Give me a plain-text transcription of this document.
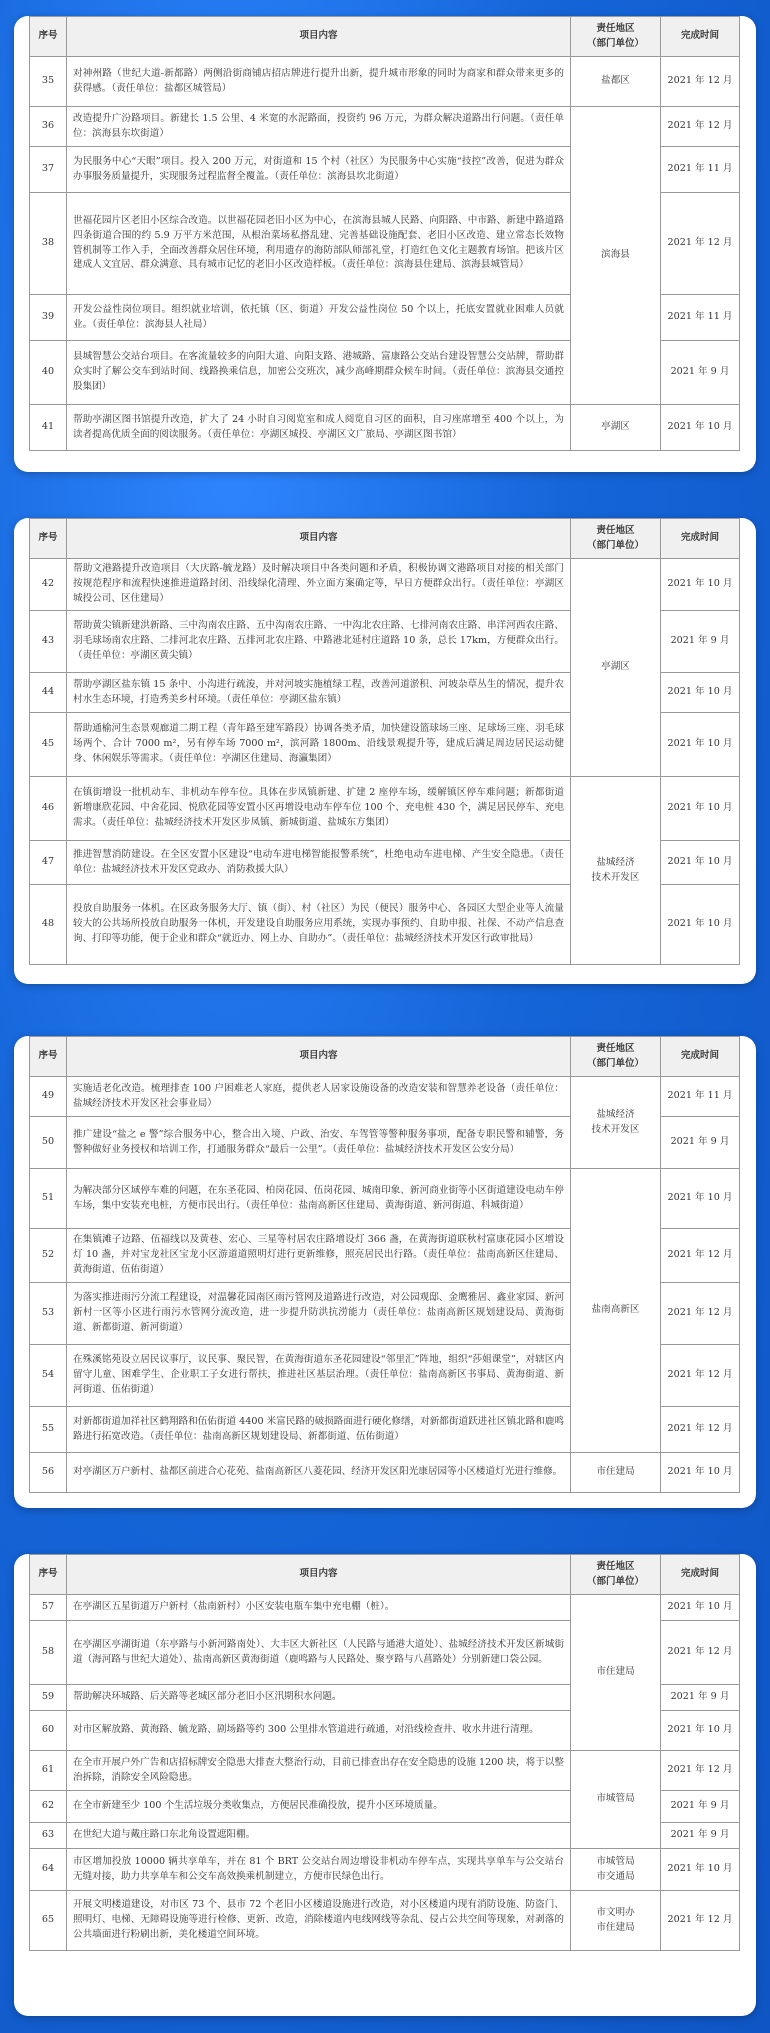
序号	项目内容	责任地区
（部门单位）	完成时间
35	对神州路（世纪大道-新都路）两侧沿街商铺店招店牌进行提升出新，提升城市形象的同时为商家和群众带来更多的获得感。（责任单位：盐都区城管局）	盐都区	2021 年 12 月
36	改造提升广汾路项目。新建长 1.5 公里、4 米宽的水泥路面，投资约 96 万元，为群众解决道路出行问题。（责任单位：滨海县东坎街道）	滨海县	2021 年 12 月
37	为民服务中心“天眼”项目。投入 200 万元，对街道和 15 个村（社区）为民服务中心实施“技控”改善，促进为群众办事服务质量提升，实现服务过程监督全覆盖。（责任单位：滨海县坎北街道）		2021 年 11 月
38	世福花园片区老旧小区综合改造。以世福花园老旧小区为中心，在滨海县城人民路、向阳路、中市路、新建中路道路四条街道合围的约 5.9 万平方米范围，从根治菜场私搭乱建、完善基础设施配套、老旧小区改造、建立常态长效物管机制等工作入手，全面改善群众居住环境，利用遗存的海防部队师部礼堂，打造红色文化主题教育场馆。把该片区建成人文宜居、群众满意、具有城市记忆的老旧小区改造样板。（责任单位：滨海县住建局、滨海县城管局）		2021 年 12 月
39	开发公益性岗位项目。组织就业培训，依托镇（区、街道）开发公益性岗位 50 个以上，托底安置就业困难人员就业。（责任单位：滨海县人社局）		2021 年 11 月
40	县城智慧公交站台项目。在客流量较多的向阳大道、向阳支路、港城路、富康路公交站台建设智慧公交站牌，帮助群众实时了解公交车到站时间、线路换乘信息，加密公交班次，减少高峰期群众候车时间。（责任单位：滨海县交通控股集团）		2021 年 9 月
41	帮助亭湖区图书馆提升改造，扩大了 24 小时自习阅览室和成人阅览自习区的面积，自习座席增至 400 个以上，为读者提高优质全面的阅读服务。（责任单位：亭湖区城投、亭湖区文广旅局、亭湖区图书馆）	亭湖区	2021 年 10 月
序号	项目内容	责任地区
（部门单位）	完成时间
42	帮助文港路提升改造项目（大庆路-毓龙路）及时解决项目中各类问题和矛盾，积极协调文港路项目对接的相关部门按规范程序和流程快速推进道路封闭、沿线绿化清理、外立面方案确定等，早日方便群众出行。（责任单位：亭湖区城投公司、区住建局）	亭湖区	2021 年 10 月
43	帮助黄尖镇新建洪新路、三中沟南农庄路、五中沟南农庄路、一中沟北农庄路、七排河南农庄路、串洋河西农庄路、羽毛球场南农庄路、二排河北农庄路、五排河北农庄路、中路港北延村庄道路 10 条，总长 17km，方便群众出行。（责任单位：亭湖区黄尖镇）		2021 年 9 月
44	帮助亭湖区盐东镇 15 条中、小沟进行疏浚，并对河坡实施植绿工程，改善河道淤积、河坡杂草丛生的情况，提升农村水生态环境，打造秀美乡村环境。（责任单位：亭湖区盐东镇）		2021 年 10 月
45	帮助通榆河生态景观廊道二期工程（青年路至建军路段）协调各类矛盾，加快建设篮球场三座、足球场三座、羽毛球场两个、合计 7000 m²，另有停车场 7000 m²，滨河路 1800m、沿线景观提升等，建成后满足周边居民运动健身、休闲娱乐等需求。（责任单位：亭湖区住建局、海瀛集团）		2021 年 10 月
46	在镇街增设一批机动车、非机动车停车位。具体在步凤镇新建、扩建 2 座停车场，缓解镇区停车难问题；新都街道新增康欣花园、中舍花园、悦欣花园等安置小区再增设电动车停车位 100 个、充电桩 430 个，满足居民停车、充电需求。（责任单位：盐城经济技术开发区步凤镇、新城街道、盐城东方集团）	盐城经济
技术开发区	2021 年 10 月
47	推进智慧消防建设。在全区安置小区建设“电动车进电梯智能报警系统”，杜绝电动车进电梯、产生安全隐患。（责任单位：盐城经济技术开发区党政办、消防救援大队）		2021 年 10 月
48	投放自助服务一体机。在区政务服务大厅、镇（街）、村（社区）为民（便民）服务中心、各园区大型企业等人流量较大的公共场所投放自助服务一体机，开发建设自助服务应用系统，实现办事预约、自助申报、社保、不动产信息查询、打印等功能，便于企业和群众“就近办、网上办、自助办”。（责任单位：盐城经济技术开发区行政审批局）		2021 年 10 月
序号	项目内容	责任地区
（部门单位）	完成时间
49	实施适老化改造。梳理排查 100 户困难老人家庭，提供老人居家设施设备的改造安装和智慧养老设备（责任单位：盐城经济技术开发区社会事业局）	盐城经济
技术开发区	2021 年 11 月
50	推广建设“盐之 e 警”综合服务中心，整合出入境、户政、治安、车驾管等警种服务事项，配备专职民警和辅警，务警种做好业务授权和培训工作，打通服务群众“最后一公里”。（责任单位：盐城经济技术开发区公安分局）		2021 年 9 月
51	为解决部分区域停车难的问题，在东圣花园、柏岗花园、伍岗花园、城南印象、新河商业街等小区街道建设电动车停车场，集中安装充电桩，方便市民出行。（责任单位：盐南高新区住建局、黄海街道、新河街道、科城街道）	盐南高新区	2021 年 10 月
52	在集镇滩子边路、伍福线以及黄巷、宏心、三星等村居农庄路增设灯 366 盏，在黄海街道联秋村富康花园小区增设灯 10 盏，并对宝龙社区宝龙小区游道道照明灯进行更新维修，照亮居民出行路。（责任单位：盐南高新区住建局、黄海街道、伍佑街道）		2021 年 12 月
53	为落实推进雨污分流工程建设，对温馨花园南区雨污管网及道路进行改造，对公园观邸、金鹰雅居、鑫业家园、新河新村一区等小区进行雨污水管网分流改造，进一步提升防洪抗涝能力（责任单位：盐南高新区规划建设局、黄海街道、新都街道、新河街道）		2021 年 12 月
54	在殊溪铭苑设立居民议事厅，议民事、聚民智，在黄海街道东圣花园建设“邻里汇”阵地，组织“莎姐课堂”，对辖区内留守儿童、困难学生、企业职工子女进行帮扶，推进社区基层治理。（责任单位：盐南高新区书事局、黄海街道、新河街道、伍佑街道）		2021 年 12 月
55	对新都街道加祥社区鹤翔路和伍佑街道 4400 米富民路的破损路面进行硬化修缮，对新都街道跃进社区镇北路和鹿鸣路进行拓宽改造。（责任单位：盐南高新区规划建设局、新都街道、伍佑街道）		2021 年 12 月
56	对亭湖区万户新村、盐都区前进合心花苑、盐南高新区八菱花园、经济开发区阳光康居园等小区楼道灯光进行维修。	市住建局	2021 年 10 月
序号	项目内容	责任地区
（部门单位）	完成时间
57	在亭湖区五星街道万户新村（盐南新村）小区安装电瓶车集中充电棚（桩）。	市住建局	2021 年 10 月
58	在亭湖区亭湖街道（东亭路与小新河路南处）、大丰区大新社区（人民路与通港大道处）、盐城经济技术开发区新城街道（海河路与世纪大道处）、盐南高新区黄海街道（鹿鸣路与人民路处、聚亨路与八菖路处）分别新建口袋公园。		2021 年 12 月
59	帮助解决环城路、后关路等老城区部分老旧小区汛期积水问题。		2021 年 9 月
60	对市区解放路、黄海路、毓龙路、剧场路等约 300 公里排水管道进行疏通，对沿线检查井、收水井进行清理。		2021 年 10 月
61	在全市开展户外广告和店招标牌安全隐患大排查大整治行动，目前已排查出存在安全隐患的设施 1200 块，将于以整治拆除，消除安全风险隐患。	市城管局	2021 年 12 月
62	在全市新建至少 100 个生活垃圾分类收集点，方便居民准确投放，提升小区环境质量。		2021 年 9 月
63	在世纪大道与戴庄路口东北角设置遮阳棚。		2021 年 9 月
64	市区增加投放 10000 辆共享单车，并在 81 个 BRT 公交站台周边增设非机动车停车点，实现共享单车与公交站台无缝对接，助力共享单车和公交车高效换乘机制建立，方便市民绿色出行。	市城管局
市交通局	2021 年 10 月
65	开展文明楼道建设，对市区 73 个、县市 72 个老旧小区楼道设施进行改造，对小区楼道内现有消防设施、防盗门、照明灯、电梯、无障碍设施等进行检修、更新、改造，消除楼道内电线网线等杂乱、侵占公共空间等现象，对剥落的公共墙面进行粉刷出新，美化楼道空间环境。	市文明办
市住建局	2021 年 12 月
